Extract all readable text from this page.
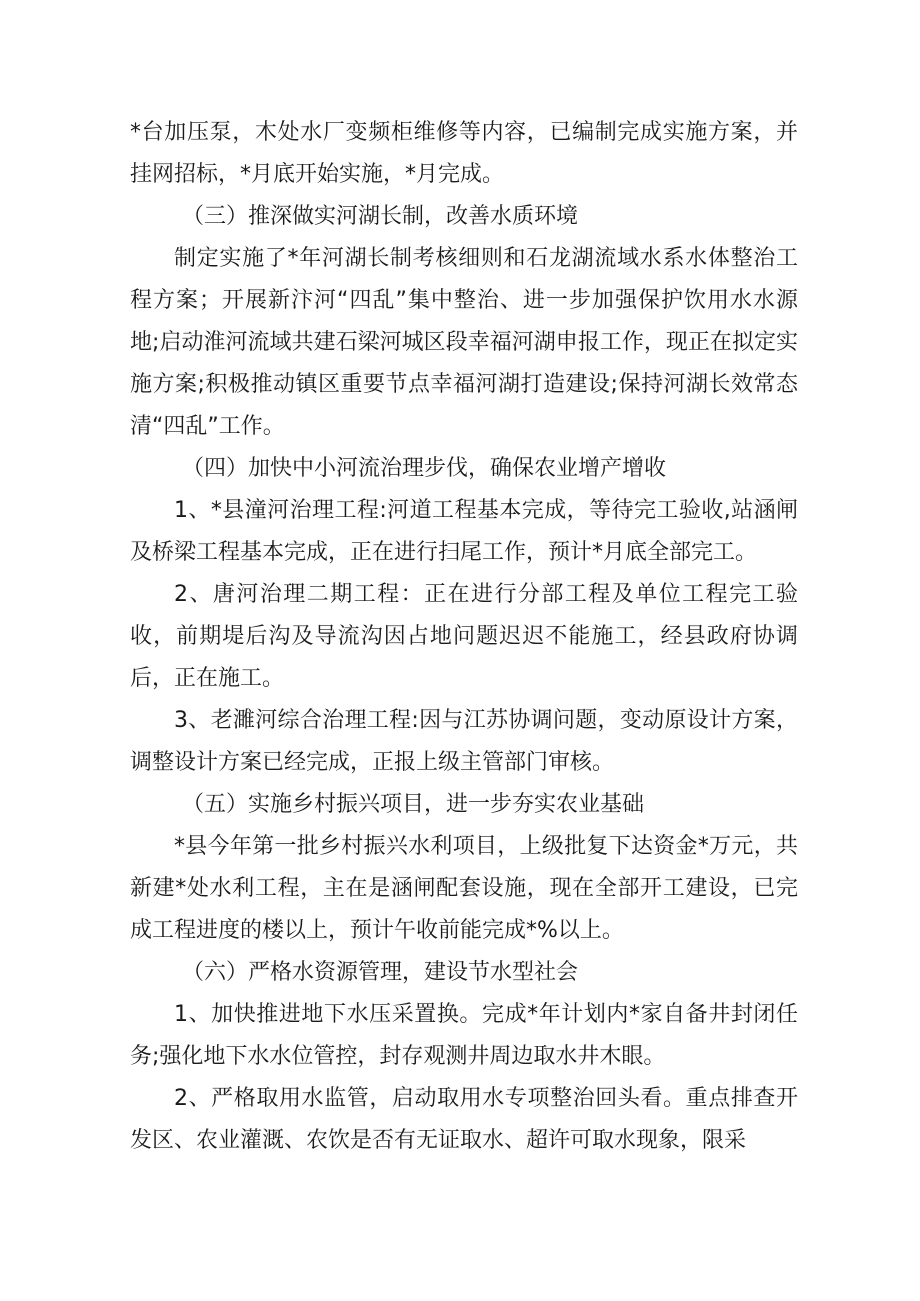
*台加压泵，木处水厂变频柜维修等内容，已编制完成实施方案，并挂网招标，*月底开始实施，*月完成。

（三）推深做实河湖长制，改善水质环境

制定实施了*年河湖长制考核细则和石龙湖流域水系水体整治工程方案；开展新汴河“四乱”集中整治、进一步加强保护饮用水水源地;启动淮河流域共建石梁河城区段幸福河湖申报工作，现正在拟定实施方案;积极推动镇区重要节点幸福河湖打造建设;保持河湖长效常态清“四乱”工作。

（四）加快中小河流治理步伐，确保农业增产增收

1、*县潼河治理工程:河道工程基本完成，等待完工验收,站涵闸及桥梁工程基本完成，正在进行扫尾工作，预计*月底全部完工。

2、唐河治理二期工程：正在进行分部工程及单位工程完工验收，前期堤后沟及导流沟因占地问题迟迟不能施工，经县政府协调后，正在施工。

3、老濉河综合治理工程:因与江苏协调问题，变动原设计方案，调整设计方案已经完成，正报上级主管部门审核。

（五）实施乡村振兴项目，进一步夯实农业基础

*县今年第一批乡村振兴水利项目，上级批复下达资金*万元，共新建*处水利工程，主在是涵闸配套设施，现在全部开工建设，已完成工程进度的楼以上，预计午收前能完成*%以上。

（六）严格水资源管理，建设节水型社会

1、加快推进地下水压采置换。完成*年计划内*家自备井封闭任务;强化地下水水位管控，封存观测井周边取水井木眼。

2、严格取用水监管，启动取用水专项整治回头看。重点排查开发区、农业灌溉、农饮是否有无证取水、超许可取水现象，限采
